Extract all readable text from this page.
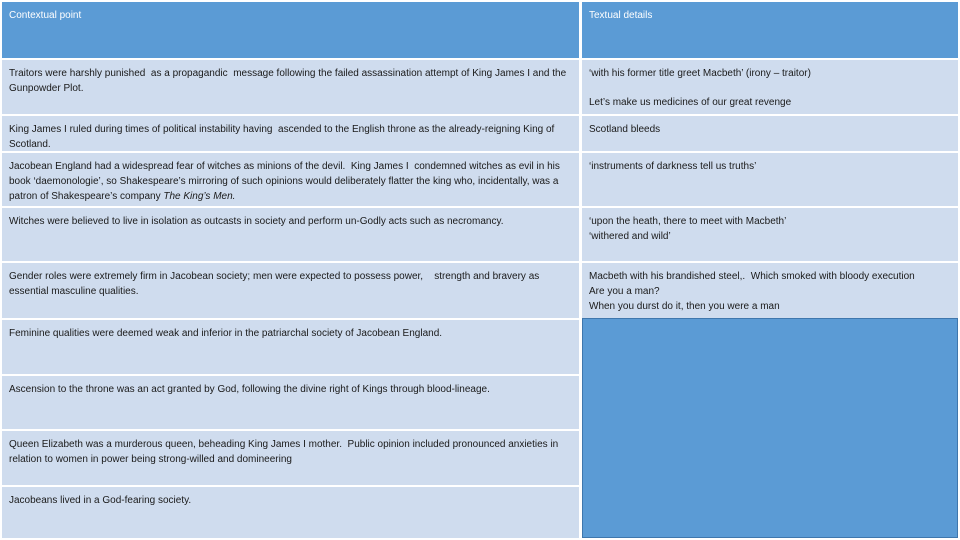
Contextual point	Textual details
Traitors were harshly punished  as a propagandic  message following the failed assassination attempt of King James I and the Gunpowder Plot.
‘with his former title greet Macbeth’ (irony – traitor)
Let’s make us medicines of our great revenge
King James I ruled during times of political instability having  ascended to the English throne as the already-reigning King of Scotland.
Scotland bleeds
Jacobean England had a widespread fear of witches as minions of the devil.  King James I  condemned witches as evil in his book ‘daemonologie’, so Shakespeare’s mirroring of such opinions would deliberately flatter the king who, incidentally, was a patron of Shakespeare’s company The King’s Men.
‘instruments of darkness tell us truths’
Witches were believed to live in isolation as outcasts in society and perform un-Godly acts such as necromancy.	‘upon the heath, there to meet with Macbeth’
‘withered and wild’
Gender roles were extremely firm in Jacobean society; men were expected to possess power,    strength and bravery as essential masculine qualities.
Macbeth with his brandished steel,.  Which smoked with bloody execution
Are you a man?
When you durst do it, then you were a man
Feminine qualities were deemed weak and inferior in the patriarchal society of Jacobean England.
Ascension to the throne was an act granted by God, following the divine right of Kings through blood-lineage.
Queen Elizabeth was a murderous queen, beheading King James I mother.  Public opinion included pronounced anxieties in relation to women in power being strong-willed and domineering
Jacobeans lived in a God-fearing society.
